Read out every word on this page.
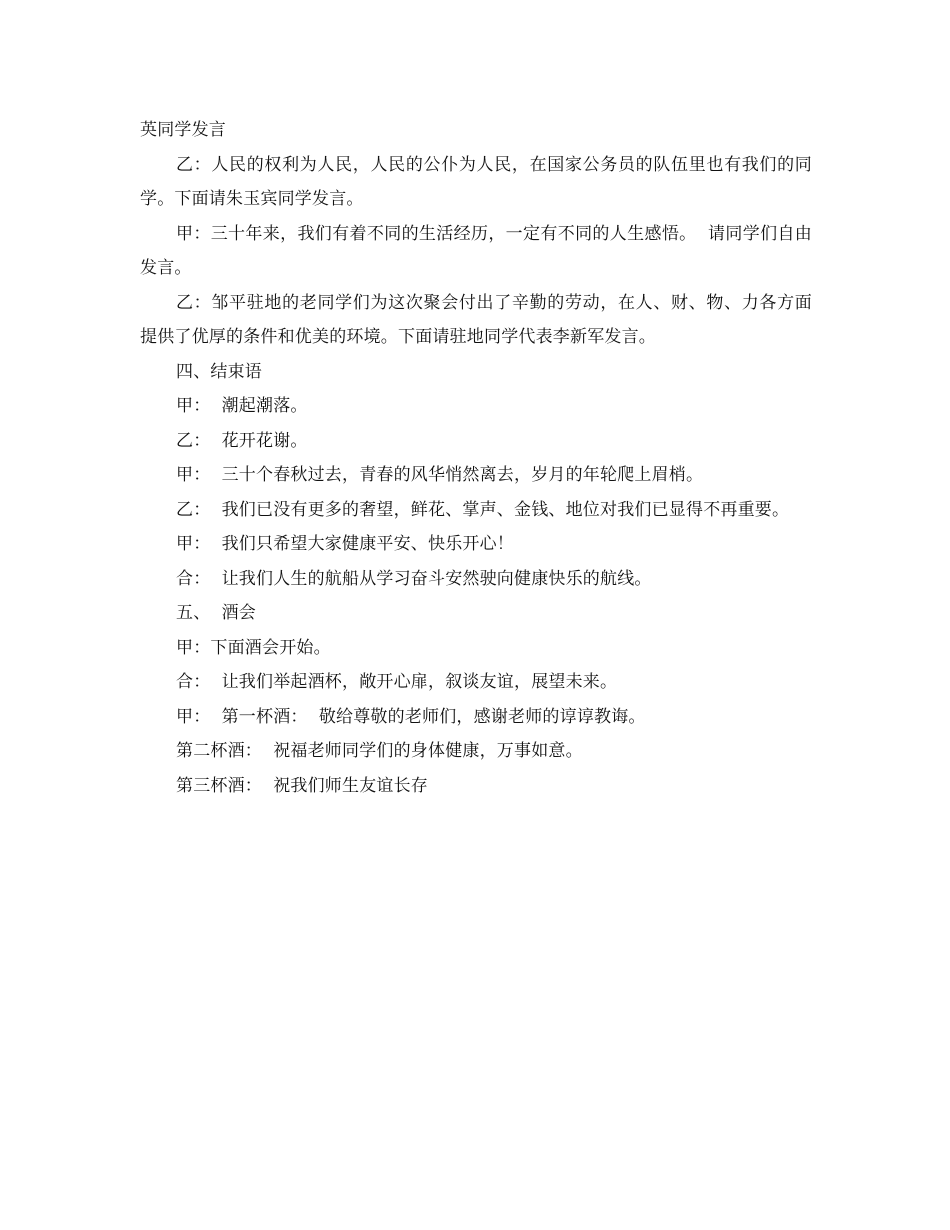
英同学发言

乙：人民的权利为人民，人民的公仆为人民，在国家公务员的队伍里也有我们的同学。下面请朱玉宾同学发言。

甲：三十年来，我们有着不同的生活经历，一定有不同的人生感悟。  请同学们自由发言。

乙：邹平驻地的老同学们为这次聚会付出了辛勤的劳动，在人、财、物、力各方面提供了优厚的条件和优美的环境。下面请驻地同学代表李新军发言。

四、结束语

甲：  潮起潮落。

乙：  花开花谢。

甲：  三十个春秋过去，青春的风华悄然离去，岁月的年轮爬上眉梢。

乙：  我们已没有更多的奢望，鲜花、掌声、金钱、地位对我们已显得不再重要。

甲：  我们只希望大家健康平安、快乐开心！

合：  让我们人生的航船从学习奋斗安然驶向健康快乐的航线。

五、  酒会

甲：下面酒会开始。

合：  让我们举起酒杯，敞开心扉，叙谈友谊，展望未来。

甲：  第一杯酒：  敬给尊敬的老师们，感谢老师的谆谆教诲。

第二杯酒：  祝福老师同学们的身体健康，万事如意。

第三杯酒：  祝我们师生友谊长存
